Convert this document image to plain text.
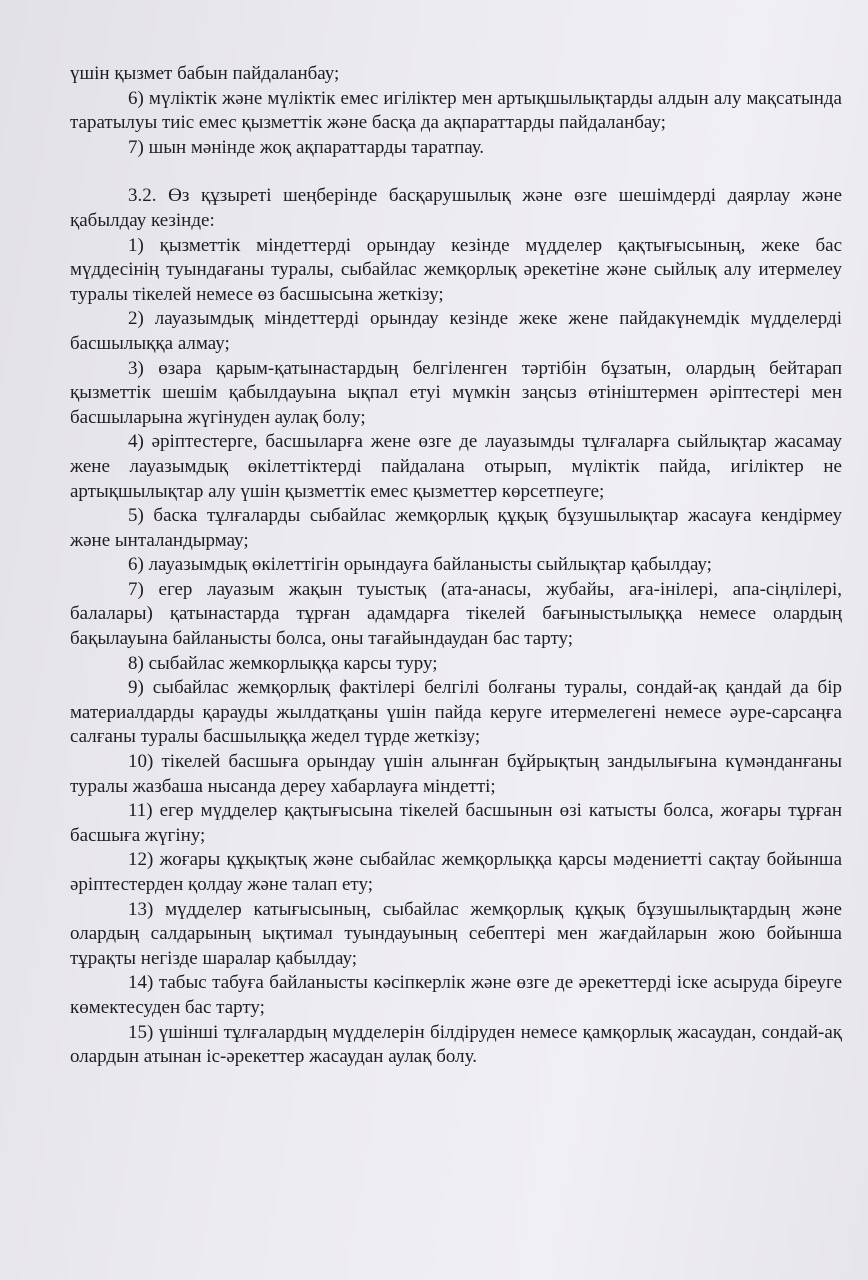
үшін қызмет бабын пайдаланбау;

6) мүліктік және мүліктік емес игіліктер мен артықшылықтарды алдын алу мақсатында таратылуы тиіс емес қызметтік және басқа да ақпараттарды пайдаланбау;

7) шын мәнінде жоқ ақпараттарды таратпау.

3.2. Өз құзыреті шеңберінде басқарушылық және өзге шешімдерді даярлау және қабылдау кезінде:

1) қызметтік міндеттерді орындау кезінде мүдделер қақтығысының, жеке бас мүддесінің туындағаны туралы, сыбайлас жемқорлық әрекетіне және сыйлық алу итермелеу туралы тікелей немесе өз басшысына жеткізу;

2) лауазымдық міндеттерді орындау кезінде жеке жене пайдакүнемдік мүдделерді басшылыққа алмау;

3) өзара қарым-қатынастардың белгіленген тәртібін бұзатын, олардың бейтарап қызметтік шешім қабылдауына ықпал етуі мүмкін заңсыз өтініштермен әріптестері мен басшыларына жүгінуден аулақ болу;

4) әріптестерге, басшыларға жене өзге де лауазымды тұлғаларға сыйлықтар жасамау жене лауазымдық өкілеттіктерді пайдалана отырып, мүліктік пайда, игіліктер не артықшылықтар алу үшін қызметтік емес қызметтер көрсетпеуге;

5) баска тұлғаларды сыбайлас жемқорлық құқық бұзушылықтар жасауға кендірмеу және ынталандырмау;

6) лауазымдық өкілеттігін орындауға байланысты сыйлықтар қабылдау;

7) егер лауазым жақын туыстық (ата-анасы, жубайы, аға-інілері, апа-сіңлілері, балалары) қатынастарда тұрған адамдарға тікелей бағыныстылыққа немесе олардың бақылауына байланысты болса, оны тағайындаудан бас тарту;

8) сыбайлас жемкорлыққа карсы туру;

9) сыбайлас жемқорлық фактілері белгілі болғаны туралы, сондай-ақ қандай да бір материалдарды қарауды жылдатқаны үшін пайда керуге итермелегені немесе әуре-сарсаңға салғаны туралы басшылыққа жедел түрде жеткізу;

10) тікелей басшыға орындау үшін алынған бұйрықтың зандылығына күмәнданғаны туралы жазбаша нысанда дереу хабарлауға міндетті;

11) егер мүдделер қақтығысына тікелей басшынын өзі катысты болса, жоғары тұрған басшыға жүгіну;

12) жоғары құқықтық жәнe сыбайлас жемқорлыққа қарсы мәдениетті сақтау бойынша әріптестерден қолдау және талап ету;

13) мүдделер катығысының, сыбайлас жемқорлық құқық бұзушылықтардың және олардың салдарының ықтимал туындауының себептері мен жағдайларын жою бойынша тұрақты негізде шаралар қабылдау;

14) табыс табуға байланысты кәсіпкерлік және өзге де әрекеттерді іске асыруда біреуге көмектесуден бас тарту;

15) үшінші тұлғалардың мүдделерін білдіруден немесе қамқорлық жасаудан, сондай-ақ олардын атынан іс-әрекеттер жасаудан аулақ болу.
